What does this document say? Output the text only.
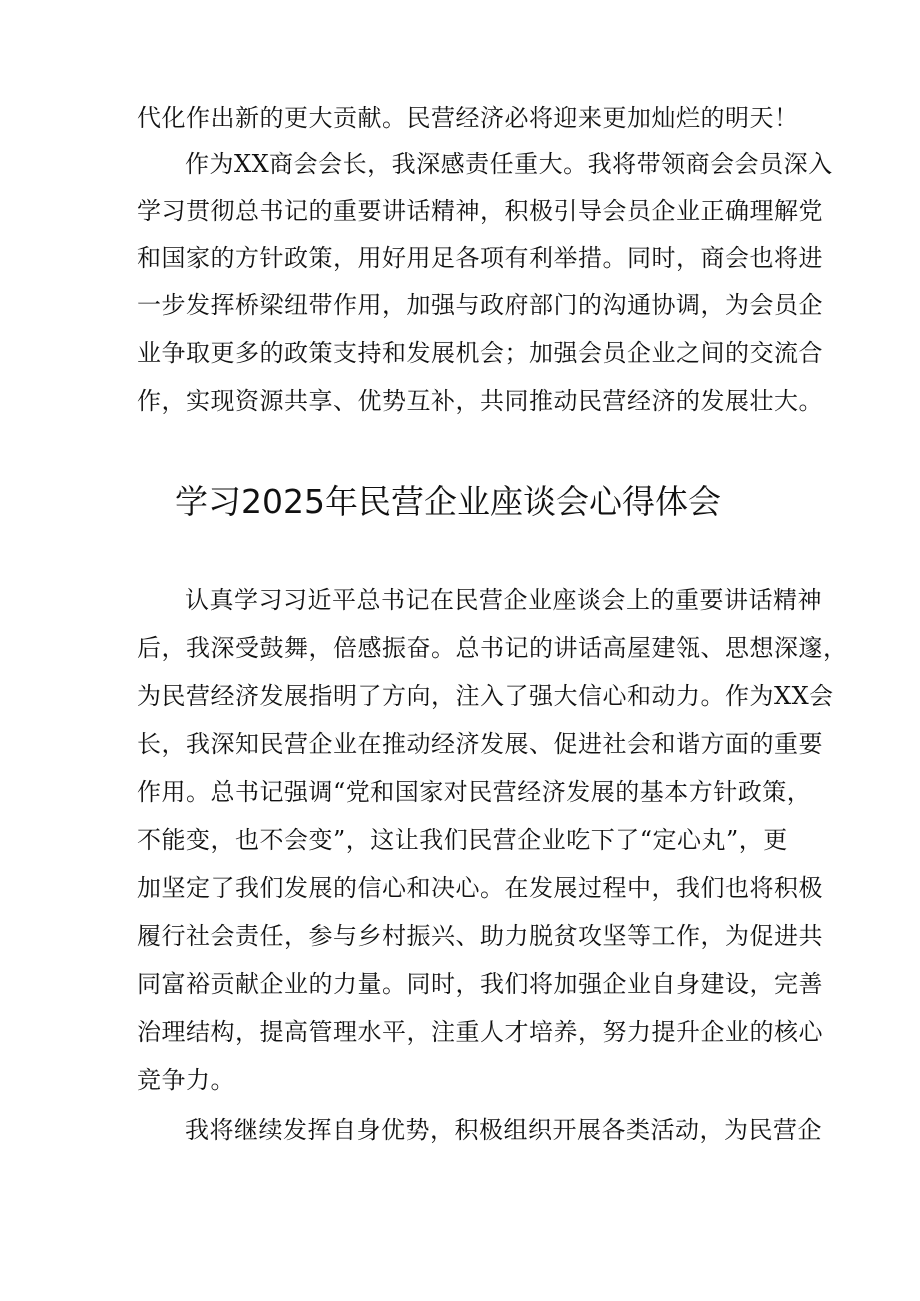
代化作出新的更大贡献。民营经济必将迎来更加灿烂的明天！
作为XX商会会长，我深感责任重大。我将带领商会会员深入
学习贯彻总书记的重要讲话精神，积极引导会员企业正确理解党
和国家的方针政策，用好用足各项有利举措。同时，商会也将进
一步发挥桥梁纽带作用，加强与政府部门的沟通协调，为会员企
业争取更多的政策支持和发展机会；加强会员企业之间的交流合
作，实现资源共享、优势互补，共同推动民营经济的发展壮大。
学习2025年民营企业座谈会心得体会
认真学习习近平总书记在民营企业座谈会上的重要讲话精神
后，我深受鼓舞，倍感振奋。总书记的讲话高屋建瓴、思想深邃，
为民营经济发展指明了方向，注入了强大信心和动力。作为XX会
长，我深知民营企业在推动经济发展、促进社会和谐方面的重要
作用。总书记强调“党和国家对民营经济发展的基本方针政策，
不能变，也不会变”，这让我们民营企业吃下了“定心丸”，更
加坚定了我们发展的信心和决心。在发展过程中，我们也将积极
履行社会责任，参与乡村振兴、助力脱贫攻坚等工作，为促进共
同富裕贡献企业的力量。同时，我们将加强企业自身建设，完善
治理结构，提高管理水平，注重人才培养，努力提升企业的核心
竞争力。
我将继续发挥自身优势，积极组织开展各类活动，为民营企
